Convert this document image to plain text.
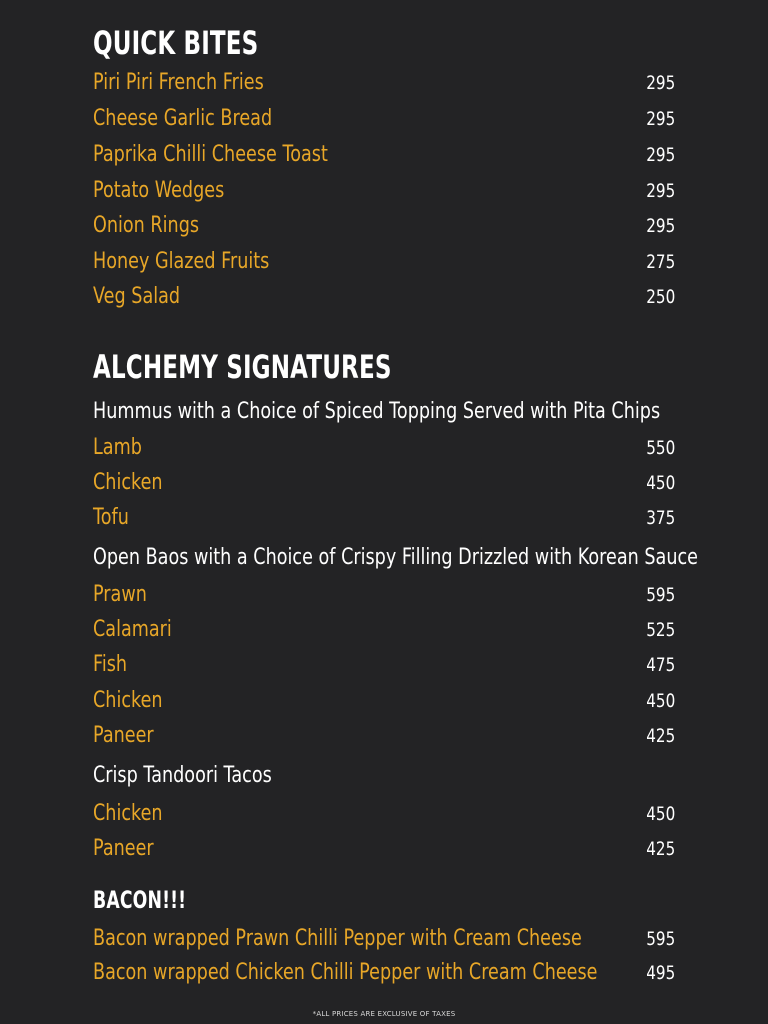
QUICK BITES
Piri Piri French Fries	295
Cheese Garlic Bread	295
Paprika Chilli Cheese Toast	295
Potato Wedges	295
Onion Rings	295
Honey Glazed Fruits	275
Veg Salad	250
ALCHEMY SIGNATURES
Hummus with a Choice of Spiced Topping Served with Pita Chips
Lamb	550
Chicken	450
Tofu	375
Open Baos with a Choice of Crispy Filling Drizzled with Korean Sauce
Prawn	595
Calamari	525
Fish	475
Chicken	450
Paneer	425
Crisp Tandoori Tacos
Chicken	450
Paneer	425
BACON!!!
Bacon wrapped Prawn Chilli Pepper with Cream Cheese	595
Bacon wrapped Chicken Chilli Pepper with Cream Cheese	495
*ALL PRICES ARE EXCLUSIVE OF TAXES
